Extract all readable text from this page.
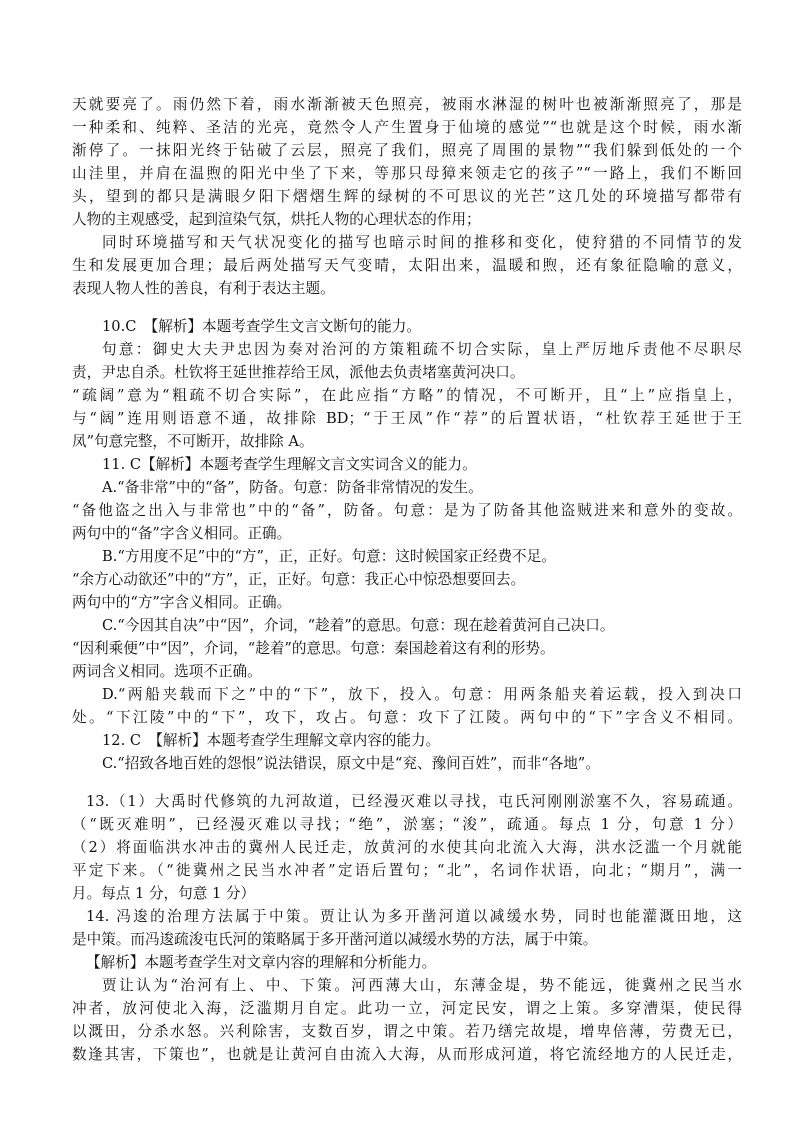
天就要亮了。雨仍然下着，雨水渐渐被天色照亮，被雨水淋湿的树叶也被渐渐照亮了，那是
一种柔和、纯粹、圣洁的光亮，竟然令人产生置身于仙境的感觉”“也就是这个时候，雨水渐
渐停了。一抹阳光终于钻破了云层，照亮了我们，照亮了周围的景物”“我们躲到低处的一个
山洼里，并肩在温煦的阳光中坐了下来，等那只母獐来领走它的孩子”“一路上，我们不断回
头，望到的都只是满眼夕阳下熠熠生辉的绿树的不可思议的光芒”这几处的环境描写都带有
人物的主观感受，起到渲染气氛，烘托人物的心理状态的作用；
同时环境描写和天气状况变化的描写也暗示时间的推移和变化，使狩猎的不同情节的发
生和发展更加合理；最后两处描写天气变晴，太阳出来，温暖和煦，还有象征隐喻的意义，
表现人物人性的善良，有利于表达主题。
10.C　【解析】本题考查学生文言文断句的能力。
句意：御史大夫尹忠因为奏对治河的方策粗疏不切合实际，皇上严厉地斥责他不尽职尽
责，尹忠自杀。杜钦将王延世推荐给王凤，派他去负责堵塞黄河决口。
“疏阔”意为“粗疏不切合实际”，在此应指“方略”的情况，不可断开，且“上”应指皇上，
与“阔”连用则语意不通，故排除 BD；“于王凤”作“荐”的后置状语，“杜钦荐王延世于王
凤”句意完整，不可断开，故排除 A。
11. C【解析】本题考查学生理解文言文实词含义的能力。
A.“备非常”中的“备”，防备。句意：防备非常情况的发生。
“备他盗之出入与非常也”中的“备”，防备。句意：是为了防备其他盗贼进来和意外的变故。
两句中的“备”字含义相同。正确。
B.“方用度不足”中的“方”，正，正好。句意：这时候国家正经费不足。
“余方心动欲还”中的“方”，正，正好。句意：我正心中惊恐想要回去。
两句中的“方”字含义相同。正确。
C.“今因其自决”中“因”，介词，“趁着”的意思。句意：现在趁着黄河自己决口。
“因利乘便”中“因”，介词，“趁着”的意思。句意：秦国趁着这有利的形势。
两词含义相同。选项不正确。
D.“两船夹载而下之”中的“下”，放下，投入。句意：用两条船夹着运载，投入到决口
处。“下江陵”中的“下”，攻下，攻占。句意：攻下了江陵。两句中的“下”字含义不相同。
12. C　【解析】本题考查学生理解文章内容的能力。
C.“招致各地百姓的怨恨”说法错误，原文中是“兖、豫间百姓”，而非“各地”。
13.（1）大禹时代修筑的九河故道，已经漫灭难以寻找，屯氏河刚刚淤塞不久，容易疏通。
（“既灭难明”，已经漫灭难以寻找；“绝”，淤塞；“浚”，疏通。每点 1 分，句意 1 分）
（2）将面临洪水冲击的冀州人民迁走，放黄河的水使其向北流入大海，洪水泛滥一个月就能
平定下来。（“徙冀州之民当水冲者”定语后置句；“北”，名词作状语，向北；“期月”，满一
月。每点 1 分，句意 1 分）
14. 冯逡的治理方法属于中策。贾让认为多开凿河道以减缓水势，同时也能灌溉田地，这
是中策。而冯逡疏浚屯氏河的策略属于多开凿河道以减缓水势的方法，属于中策。
【解析】本题考查学生对文章内容的理解和分析能力。
贾让认为“治河有上、中、下策。河西薄大山，东薄金堤，势不能远，徙冀州之民当水
冲者，放河使北入海，泛滥期月自定。此功一立，河定民安，谓之上策。多穿漕渠，使民得
以溉田，分杀水怒。兴利除害，支数百岁，谓之中策。若乃缮完故堤，增卑倍薄，劳费无已，
数逢其害，下策也”，也就是让黄河自由流入大海，从而形成河道，将它流经地方的人民迁走，
